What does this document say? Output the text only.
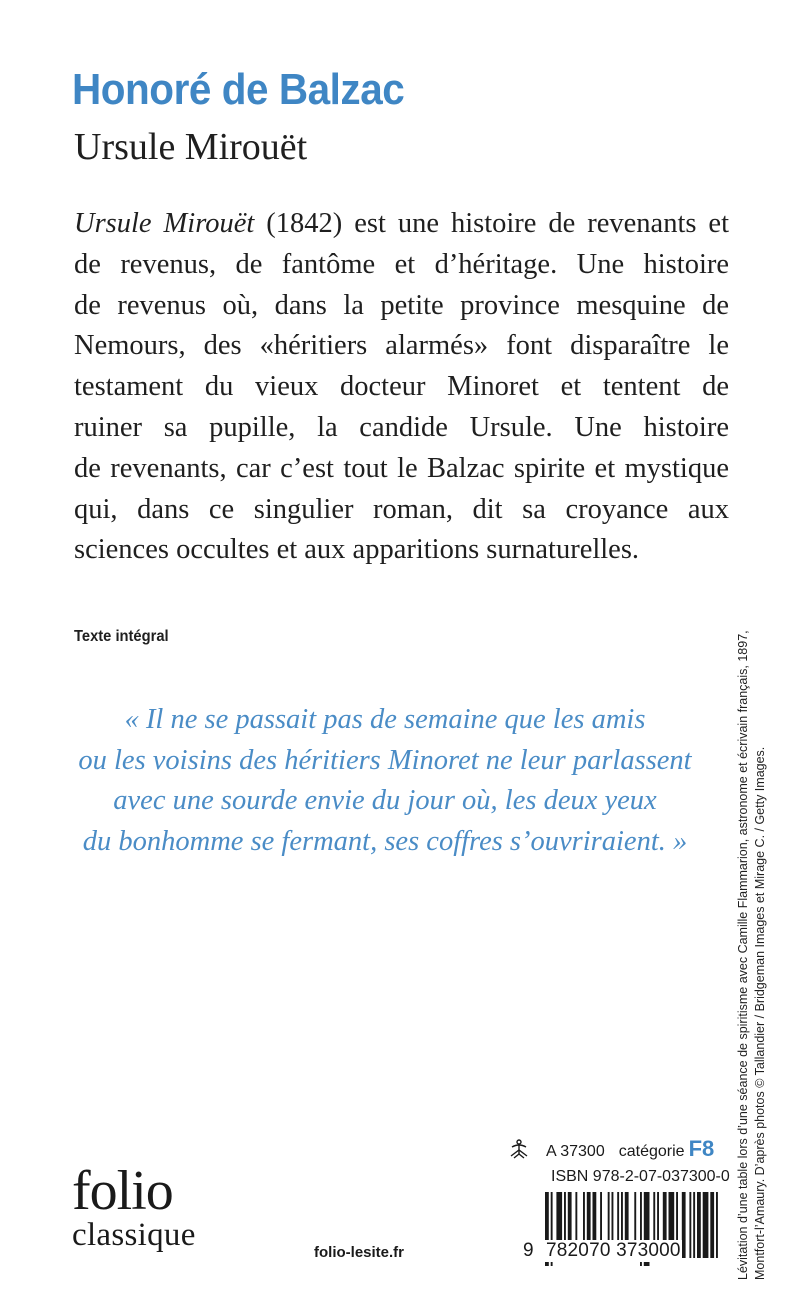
Honoré de Balzac
Ursule Mirouët

Ursule Mirouët (1842) est une histoire de revenants et
de revenus, de fantôme et d’héritage. Une histoire
de revenus où, dans la petite province mesquine de
Nemours, des «héritiers alarmés» font disparaître le
testament du vieux docteur Minoret et tentent de
ruiner sa pupille, la candide Ursule. Une histoire
de revenants, car c’est tout le Balzac spirite et mystique
qui, dans ce singulier roman, dit sa croyance aux
sciences occultes et aux apparitions surnaturelles.

Texte intégral
« Il ne se passait pas de semaine que les amis
ou les voisins des héritiers Minoret ne leur parlassent
avec une sourde envie du jour où, les deux yeux
du bonhomme se fermant, ses coffres s’ouvriraient. »	Lévitation d’une table lors d’une séance de spiritisme avec Camille Flammarion, astronome et écrivain français, 1897, Montfort-l’Amaury. D’après photos © Tallandier / Bridgeman Images et Mirage C. / Getty Images.
folio
classique	folio-lesite.fr
A 37300 catégorie F8
ISBN 978-2-07-037300-0
9 782070 373000
